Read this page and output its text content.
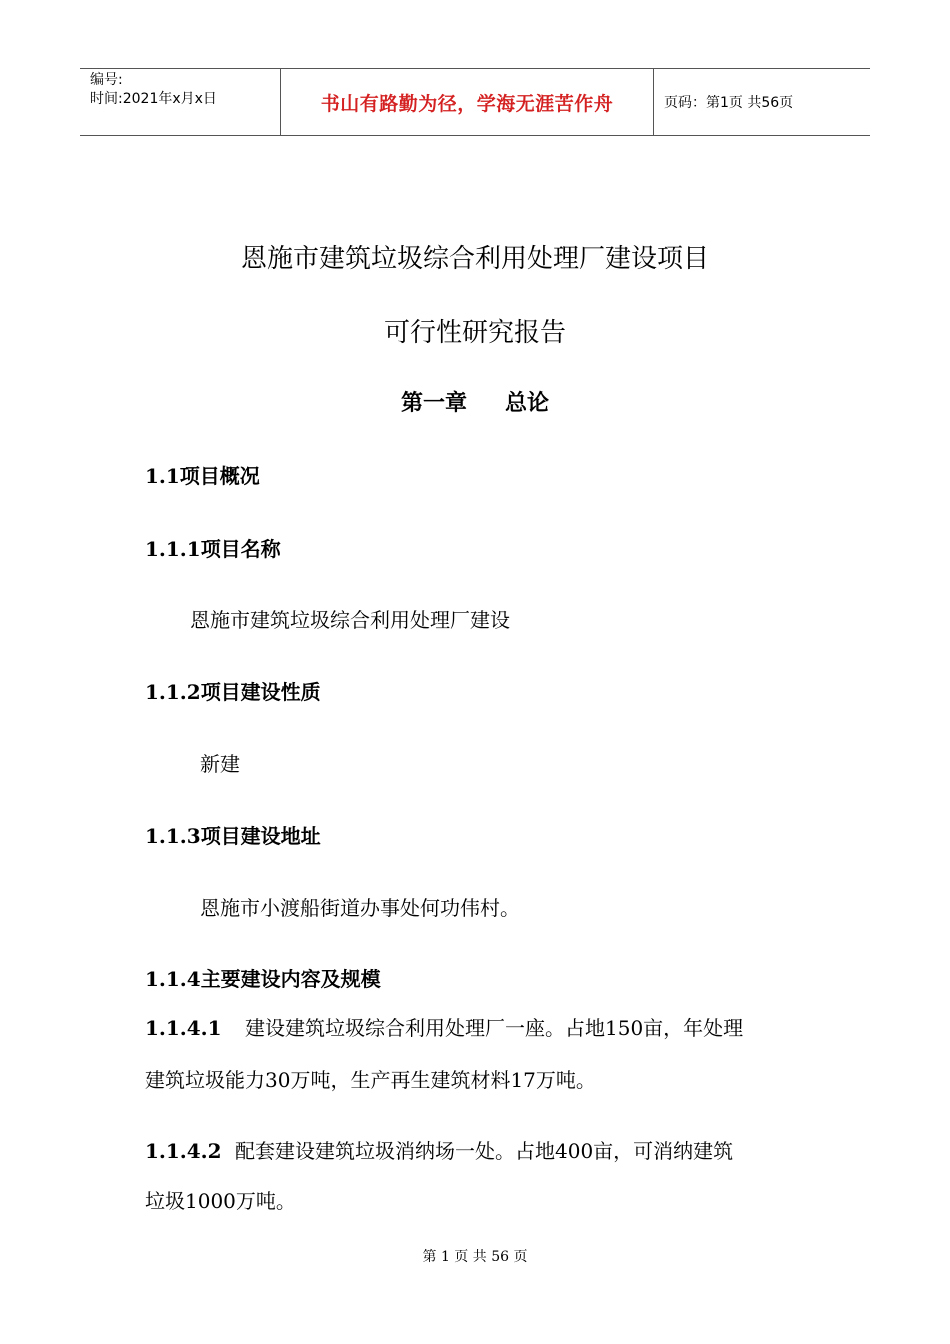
编号:
时间:2021年x月x日	书山有路勤为径，学海无涯苦作舟	页码：第1页 共56页
恩施市建筑垃圾综合利用处理厂建设项目
可行性研究报告
第一章 总论
1.1项目概况
1.1.1项目名称
恩施市建筑垃圾综合利用处理厂建设
1.1.2项目建设性质
新建
1.1.3项目建设地址
恩施市小渡船街道办事处何功伟村。
1.1.4主要建设内容及规模
1.1.4.1 建设建筑垃圾综合利用处理厂一座。占地150亩，年处理
建筑垃圾能力30万吨，生产再生建筑材料17万吨。
1.1.4.2 配套建设建筑垃圾消纳场一处。占地400亩，可消纳建筑
垃圾1000万吨。
第 1 页 共 56 页
